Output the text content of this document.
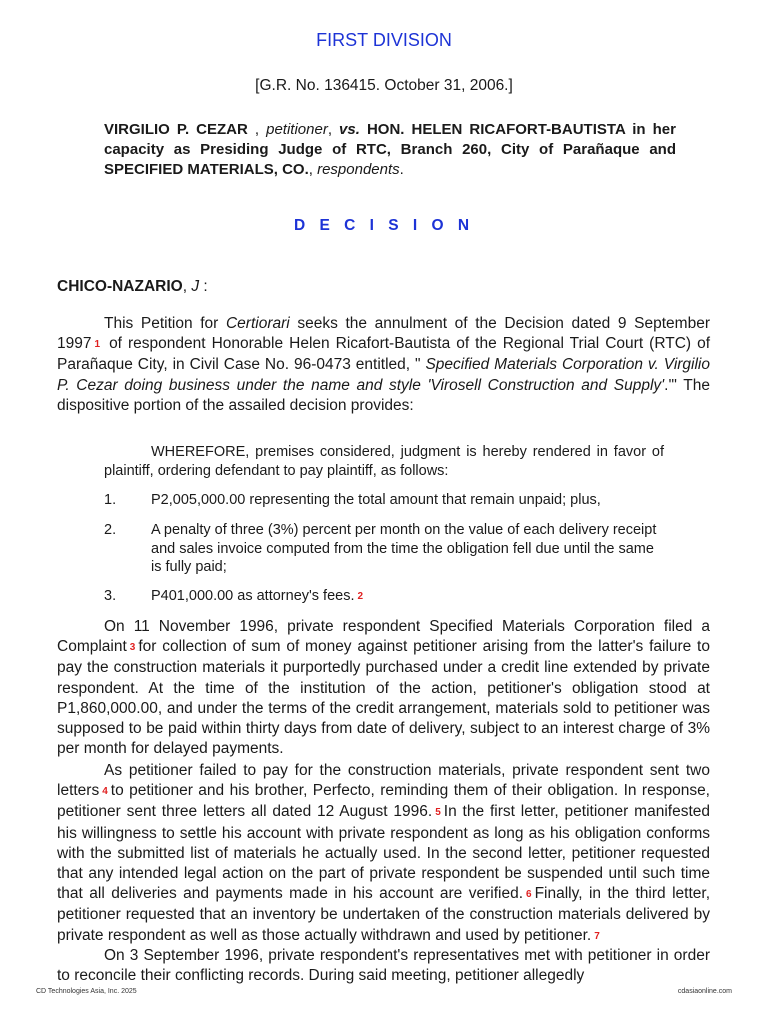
FIRST DIVISION
[G.R. No. 136415. October 31, 2006.]
VIRGILIO P. CEZAR , petitioner, vs. HON. HELEN RICAFORT-BAUTISTA in her capacity as Presiding Judge of RTC, Branch 260, City of Parañaque and SPECIFIED MATERIALS, CO., respondents.
D E C I S I O N
CHICO-NAZARIO, J :

This Petition for Certiorari seeks the annulment of the Decision dated 9 September 1997 1 of respondent Honorable Helen Ricafort-Bautista of the Regional Trial Court (RTC) of Parañaque City, in Civil Case No. 96-0473 entitled, " Specified Materials Corporation v. Virgilio P. Cezar doing business under the name and style 'Virosell Construction and Supply'.'" The dispositive portion of the assailed decision provides:

WHEREFORE, premises considered, judgment is hereby rendered in favor of plaintiff, ordering defendant to pay plaintiff, as follows:

1. P2,005,000.00 representing the total amount that remain unpaid; plus,
2. A penalty of three (3%) percent per month on the value of each delivery receipt and sales invoice computed from the time the obligation fell due until the same is fully paid;
3. P401,000.00 as attorney's fees. 2

On 11 November 1996, private respondent Specified Materials Corporation filed a Complaint 3 for collection of sum of money against petitioner arising from the latter's failure to pay the construction materials it purportedly purchased under a credit line extended by private respondent. At the time of the institution of the action, petitioner's obligation stood at P1,860,000.00, and under the terms of the credit arrangement, materials sold to petitioner was supposed to be paid within thirty days from date of delivery, subject to an interest charge of 3% per month for delayed payments.

As petitioner failed to pay for the construction materials, private respondent sent two letters 4 to petitioner and his brother, Perfecto, reminding them of their obligation. In response, petitioner sent three letters all dated 12 August 1996. 5 In the first letter, petitioner manifested his willingness to settle his account with private respondent as long as his obligation conforms with the submitted list of materials he actually used. In the second letter, petitioner requested that any intended legal action on the part of private respondent be suspended until such time that all deliveries and payments made in his account are verified. 6 Finally, in the third letter, petitioner requested that an inventory be undertaken of the construction materials delivered by private respondent as well as those actually withdrawn and used by petitioner. 7

On 3 September 1996, private respondent's representatives met with petitioner in order to reconcile their conflicting records. During said meeting, petitioner allegedly

CD Technologies Asia, Inc. 2025	cdasiaonline.com
